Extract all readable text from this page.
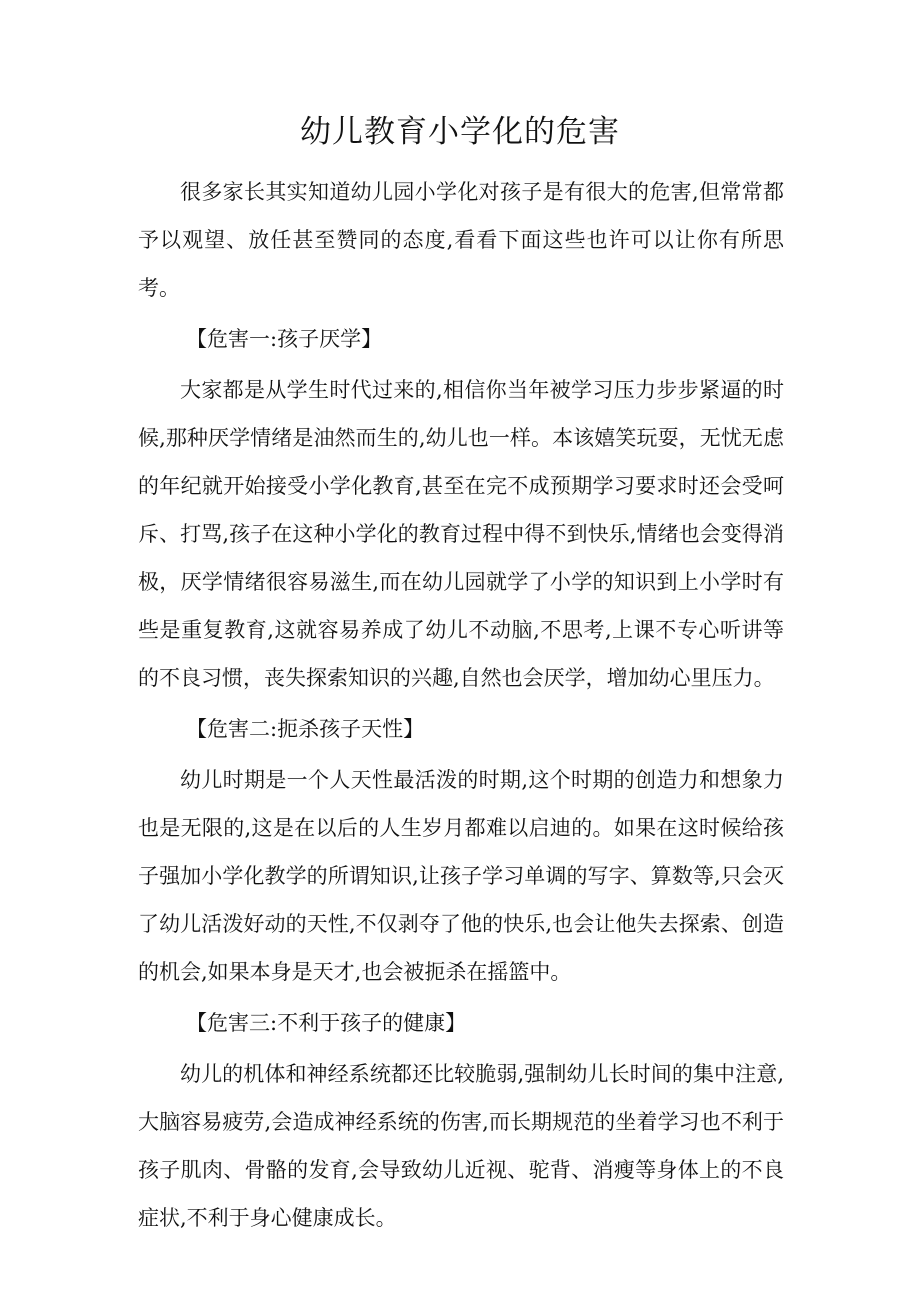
幼儿教育小学化的危害

很多家长其实知道幼儿园小学化对孩子是有很大的危害,但常常都予以观望、放任甚至赞同的态度,看看下面这些也许可以让你有所思考。

【危害一:孩子厌学】

大家都是从学生时代过来的,相信你当年被学习压力步步紧逼的时候,那种厌学情绪是油然而生的,幼儿也一样。本该嬉笑玩耍，无忧无虑的年纪就开始接受小学化教育,甚至在完不成预期学习要求时还会受呵斥、打骂,孩子在这种小学化的教育过程中得不到快乐,情绪也会变得消极，厌学情绪很容易滋生,而在幼儿园就学了小学的知识到上小学时有些是重复教育,这就容易养成了幼儿不动脑,不思考,上课不专心听讲等的不良习惯，丧失探索知识的兴趣,自然也会厌学，增加幼心里压力。

【危害二:扼杀孩子天性】

幼儿时期是一个人天性最活泼的时期,这个时期的创造力和想象力也是无限的,这是在以后的人生岁月都难以启迪的。如果在这时候给孩子强加小学化教学的所谓知识,让孩子学习单调的写字、算数等,只会灭了幼儿活泼好动的天性,不仅剥夺了他的快乐,也会让他失去探索、创造的机会,如果本身是天才,也会被扼杀在摇篮中。

【危害三:不利于孩子的健康】

幼儿的机体和神经系统都还比较脆弱,强制幼儿长时间的集中注意,大脑容易疲劳,会造成神经系统的伤害,而长期规范的坐着学习也不利于孩子肌肉、骨骼的发育,会导致幼儿近视、驼背、消瘦等身体上的不良症状,不利于身心健康成长。
